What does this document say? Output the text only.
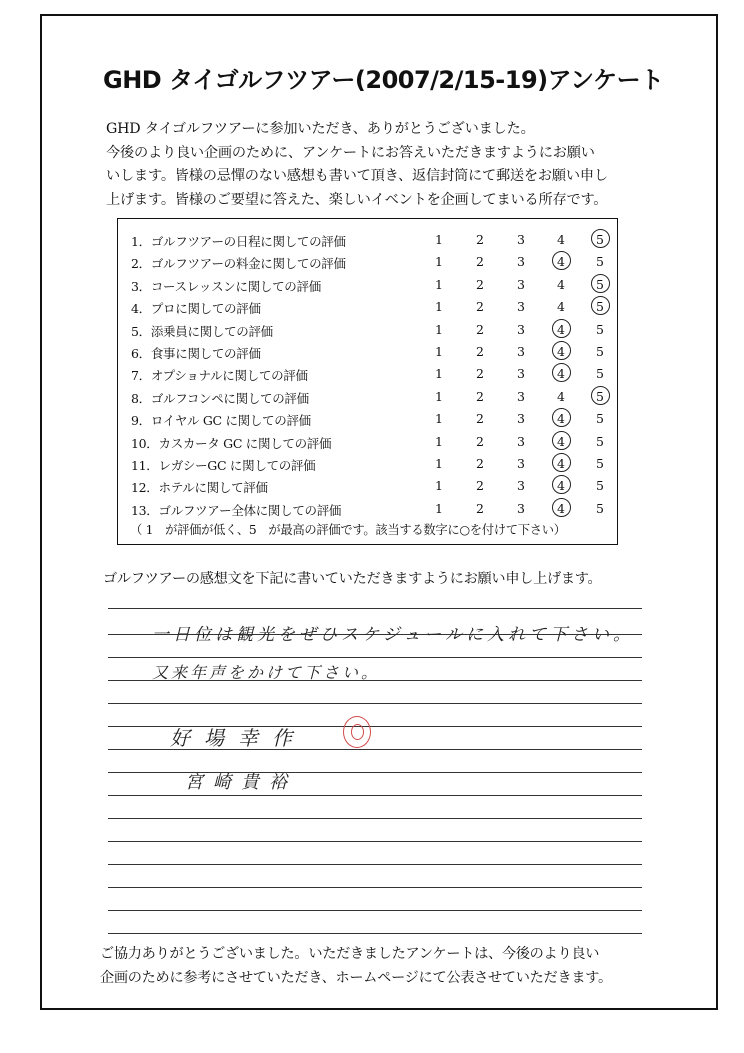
GHD タイゴルフツアー(2007/2/15-19)アンケート
GHD タイゴルフツアーに参加いただき、ありがとうございました。
今後のより良い企画のために、アンケートにお答えいただきますようにお願い
いします。皆様の忌憚のない感想も書いて頂き、返信封筒にて郵送をお願い申し
上げます。皆様のご要望に答えた、楽しいイベントを企画してまいる所存です。
1．ゴルフツアーの日程に関しての評価	1	2	3	4	5
2．ゴルフツアーの料金に関しての評価	1	2	3	4	5
3．コースレッスンに関しての評価	1	2	3	4	5
4．プロに関しての評価	1	2	3	4	5
5．添乗員に関しての評価	1	2	3	4	5
6．食事に関しての評価	1	2	3	4	5
7．オプショナルに関しての評価	1	2	3	4	5
8．ゴルフコンペに関しての評価	1	2	3	4	5
9．ロイヤル GC に関しての評価	1	2	3	4	5
10．カスカータ GC に関しての評価	1	2	3	4	5
11．レガシーGC に関しての評価	1	2	3	4	5
12．ホテルに関して評価	1	2	3	4	5
13．ゴルフツアー全体に関しての評価	1	2	3	4	5
（ 1　が評価が低く、5　が最高の評価です。該当する数字に○を付けて下さい）
ゴルフツアーの感想文を下記に書いていただきますようにお願い申し上げます。
一日位は観光をぜひスケジュールに入れて下さい。
又来年声をかけて下さい。
好場幸作
宮崎貴裕
ご協力ありがとうございました。いただきましたアンケートは、今後のより良い
企画のために参考にさせていただき、ホームページにて公表させていただきます。
